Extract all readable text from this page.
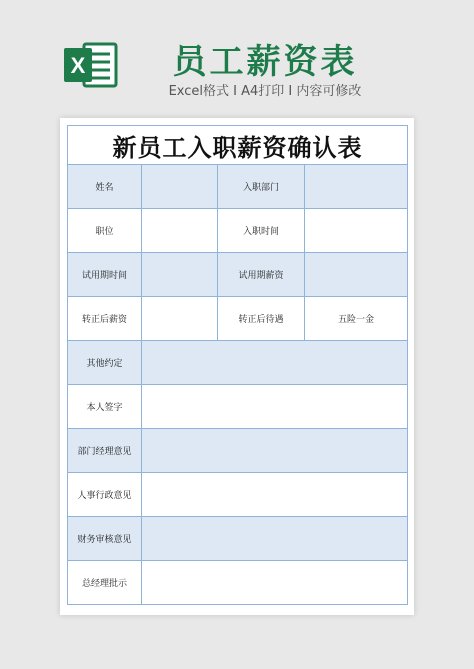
X	员工薪资表
Excel格式 I A4打印 I 内容可修改
新员工入职薪资确认表			
姓名		入职部门	
职位		入职时间	
试用期时间		试用期薪资	
转正后薪资		转正后待遇	五险一金
其他约定			
本人签字			
部门经理意见			
人事行政意见			
财务审核意见			
总经理批示			
